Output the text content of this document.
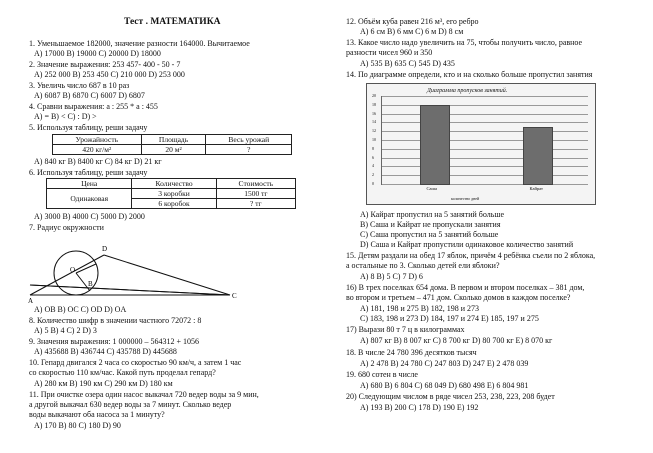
Тест . МАТЕМАТИКА
1. Уменьшаемое 182000, значение разности 164000. Вычитаемое
A) 17000 B) 19000 C) 20000 D) 18000
2. Значение выражения: 253 457- 400 - 50 - 7
A) 252 000 B) 253 450 C) 210 000 D) 253 000
3. Увеличь число 687 в 10 раз
A) 6087 B) 6870 C) 6007 D) 6807
4. Сравни выражения: а : 255 * а : 455
A) = B) < C) : D) >
5. Используя таблицу, реши задачу
Урожайность	Площадь	Весь урожай
420 кг/м²	20 м²	?
A) 840 кг B) 8400 кг C) 84 кг D) 21 кг
6. Используя таблицу, реши задачу
Цена	Количество	Стоимость
Одинаковая	3 коробки	1500 тг
	6 коробок	? тг
A) 3000 B) 4000 C) 5000 D) 2000
7. Радиус окружности
D
O
B
A
C
A) OB B) OC C) OD D) OA
8. Количество шифр в значении частного 72072 : 8
A) 5 B) 4 C) 2 D) 3
9. Значения выражения: 1 000000 – 564312 + 1056
A) 435688 B) 436744 C) 435788 D) 445688
10. Гепард двигался 2 часа со скоростью 90 км/ч, а затем 1 час
со скоростью 110 км/час. Какой путь проделал гепард?
A) 280 км B) 190 км C) 290 км D) 180 км
11. При очистке озера один насос выкачал 720 ведер воды за 9 мин,
а другой выкачал 630 ведер воды за 7 минут. Сколько ведер
воды выкачают оба насоса за 1 минуту?
A) 170 B) 80 C) 180 D) 90
12. Объём куба равен 216 м³, его ребро
A) 6 см B) 6 мм C) 6 м D) 8 см
13. Какое число надо увеличить на 75, чтобы получить число, равное
разности чисел 960 и 350
A) 535 B) 635 C) 545 D) 435
14. По диаграмме определи, кто и на сколько больше пропустил занятия
Диаграмма пропусков занятий.
0
2
4
6
8
10
12
14
16
18
20
Саша	Кайрат
количество дней
A) Кайрат пропустил на 5 занятий больше
B) Саша и Кайрат не пропускали занятия
C) Саша пропустил на 5 занятий больше
D) Саша и Кайрат пропустили одинаковое количество занятий
15. Детям раздали на обед 17 яблок, причём 4 ребёнка съели по 2 яблока,
а остальные по 3. Сколько детей ели яблоки?
A) 8 B) 5 C) 7 D) 6
16) В трех поселках 654 дома. В первом и втором поселках – 381 дом,
во втором и третьем – 471 дом. Сколько домов в каждом поселке?
A) 181, 198 и 275 B) 182, 198 и 273
C) 183, 198 и 273 D) 184, 197 и 274 E) 185, 197 и 275
17) Вырази 80 т 7 ц в килограммах
A) 807 кг B) 8 007 кг C) 8 700 кг D) 80 700 кг E) 8 070 кг
18. В числе 24 780 396 десятков тысяч
A) 2 478 B) 24 780 C) 247 803 D) 247 E) 2 478 039
19. 680 сотен в числе
A) 680 B) 6 804 C) 68 049 D) 680 498 E) 6 804 981
20) Следующим числом в ряде чисел 253, 238, 223, 208 будет
A) 193 B) 200 C) 178 D) 190 E) 192
